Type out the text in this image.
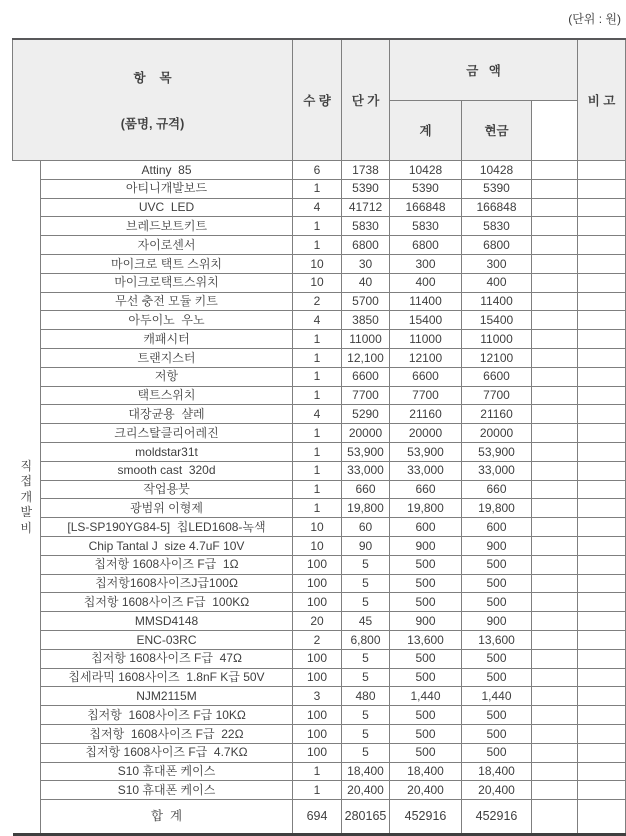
(단위 : 원)

항    목

(품명, 규격)		수 량	단 가	금   액			비 고
				계	현금		

직
접
개
발
비	Attiny  85	6	1738	10428	10428		
	아티니개발보드	1	5390	5390	5390		
	UVC  LED	4	41712	166848	166848		
	브레드보트키트	1	5830	5830	5830		
	자이로센서	1	6800	6800	6800		
	마이크로 택트 스위치	10	30	300	300		
	마이크로택트스위치	10	40	400	400		
	무선 충전 모듈 키트	2	5700	11400	11400		
	아두이노  우노	4	3850	15400	15400		
	캐패시터	1	11000	11000	11000		
	트랜지스터	1	12,100	12100	12100		
	저항	1	6600	6600	6600		
	택트스위치	1	7700	7700	7700		
	대장균용  샬레	4	5290	21160	21160		
	크리스탈클리어레진	1	20000	20000	20000		
	moldstar31t	1	53,900	53,900	53,900		
	smooth cast  320d	1	33,000	33,000	33,000		
	작업용붓	1	660	660	660		
	광범위 이형제	1	19,800	19,800	19,800		
	[LS-SP190YG84-5]  칩LED1608-녹색	10	60	600	600		
	Chip Tantal J  size 4.7uF 10V	10	90	900	900		
	칩저항 1608사이즈 F급  1Ω	100	5	500	500		
	칩저항1608사이즈J급100Ω	100	5	500	500		
	칩저항 1608사이즈 F급  100KΩ	100	5	500	500		
	MMSD4148	20	45	900	900		
	ENC-03RC	2	6,800	13,600	13,600		
	칩저항 1608사이즈 F급  47Ω	100	5	500	500		
	칩세라믹 1608사이즈  1.8nF K급 50V	100	5	500	500		
	NJM2115M	3	480	1,440	1,440		
	칩저항  1608사이즈 F급 10KΩ	100	5	500	500		
	칩저항  1608사이즈 F급  22Ω	100	5	500	500		
	칩저항 1608사이즈 F급  4.7KΩ	100	5	500	500		
	S10 휴대폰 케이스	1	18,400	18,400	18,400		
	S10 휴대폰 케이스	1	20,400	20,400	20,400		
	합  계	694	280165	452916	452916		
